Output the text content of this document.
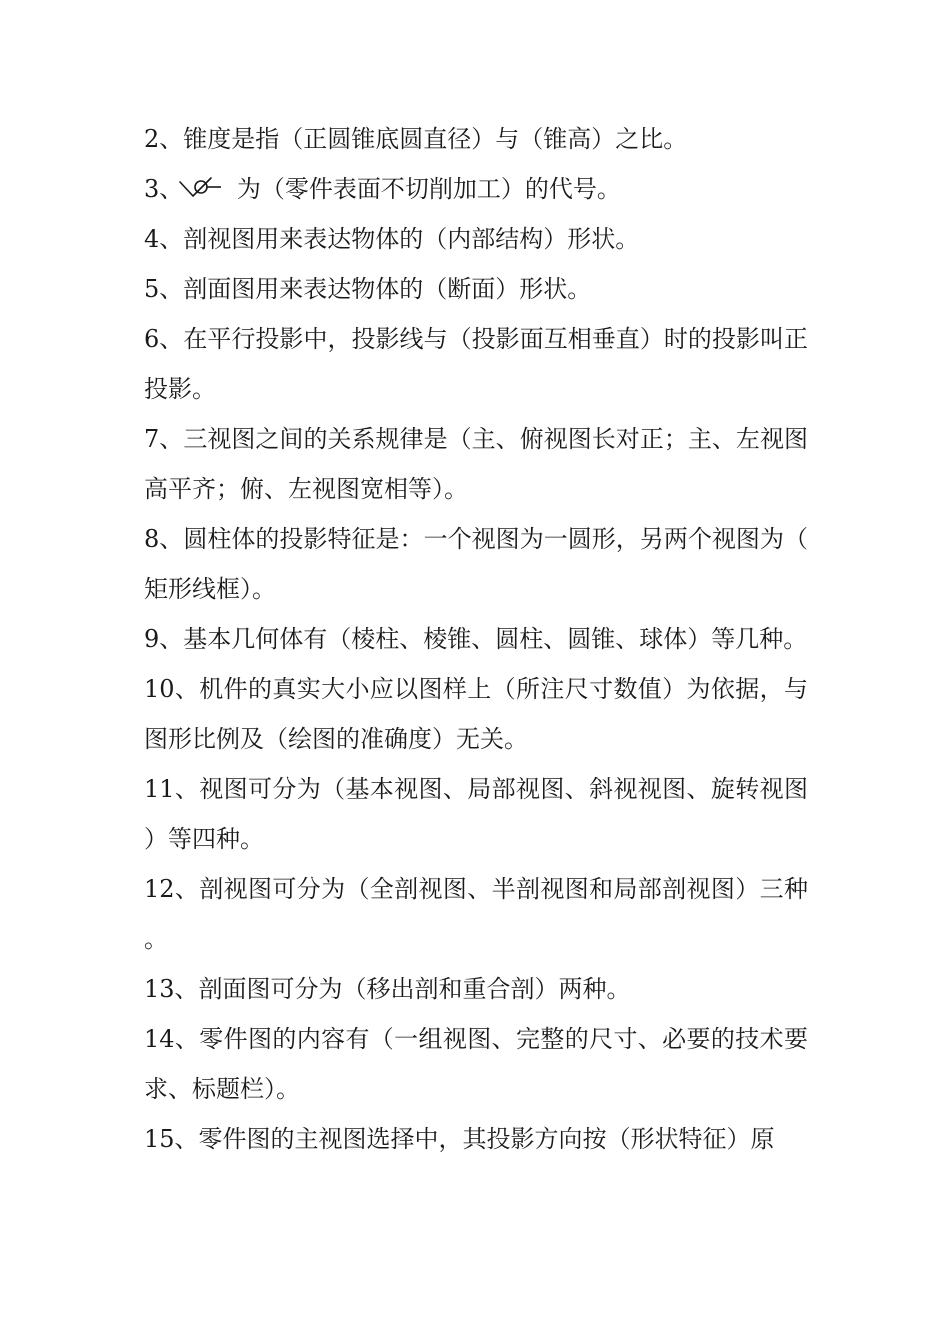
2、锥度是指（正圆锥底圆直径）与（锥高）之比。

3、
为（零件表面不切削加工）的代号。

4、剖视图用来表达物体的（内部结构）形状。

5、剖面图用来表达物体的（断面）形状。

6、在平行投影中，投影线与（投影面互相垂直）时的投影叫正投影。

7、三视图之间的关系规律是（主、俯视图长对正；主、左视图高平齐；俯、左视图宽相等）。

8、圆柱体的投影特征是：一个视图为一圆形，另两个视图为（矩形线框）。

9、基本几何体有（棱柱、棱锥、圆柱、圆锥、球体）等几种。

10、机件的真实大小应以图样上（所注尺寸数值）为依据，与图形比例及（绘图的准确度）无关。

11、视图可分为（基本视图、局部视图、斜视视图、旋转视图）等四种。

12、剖视图可分为（全剖视图、半剖视图和局部剖视图）三种。

13、剖面图可分为（移出剖和重合剖）两种。

14、零件图的内容有（一组视图、完整的尺寸、必要的技术要求、标题栏）。

15、零件图的主视图选择中，其投影方向按（形状特征）原
